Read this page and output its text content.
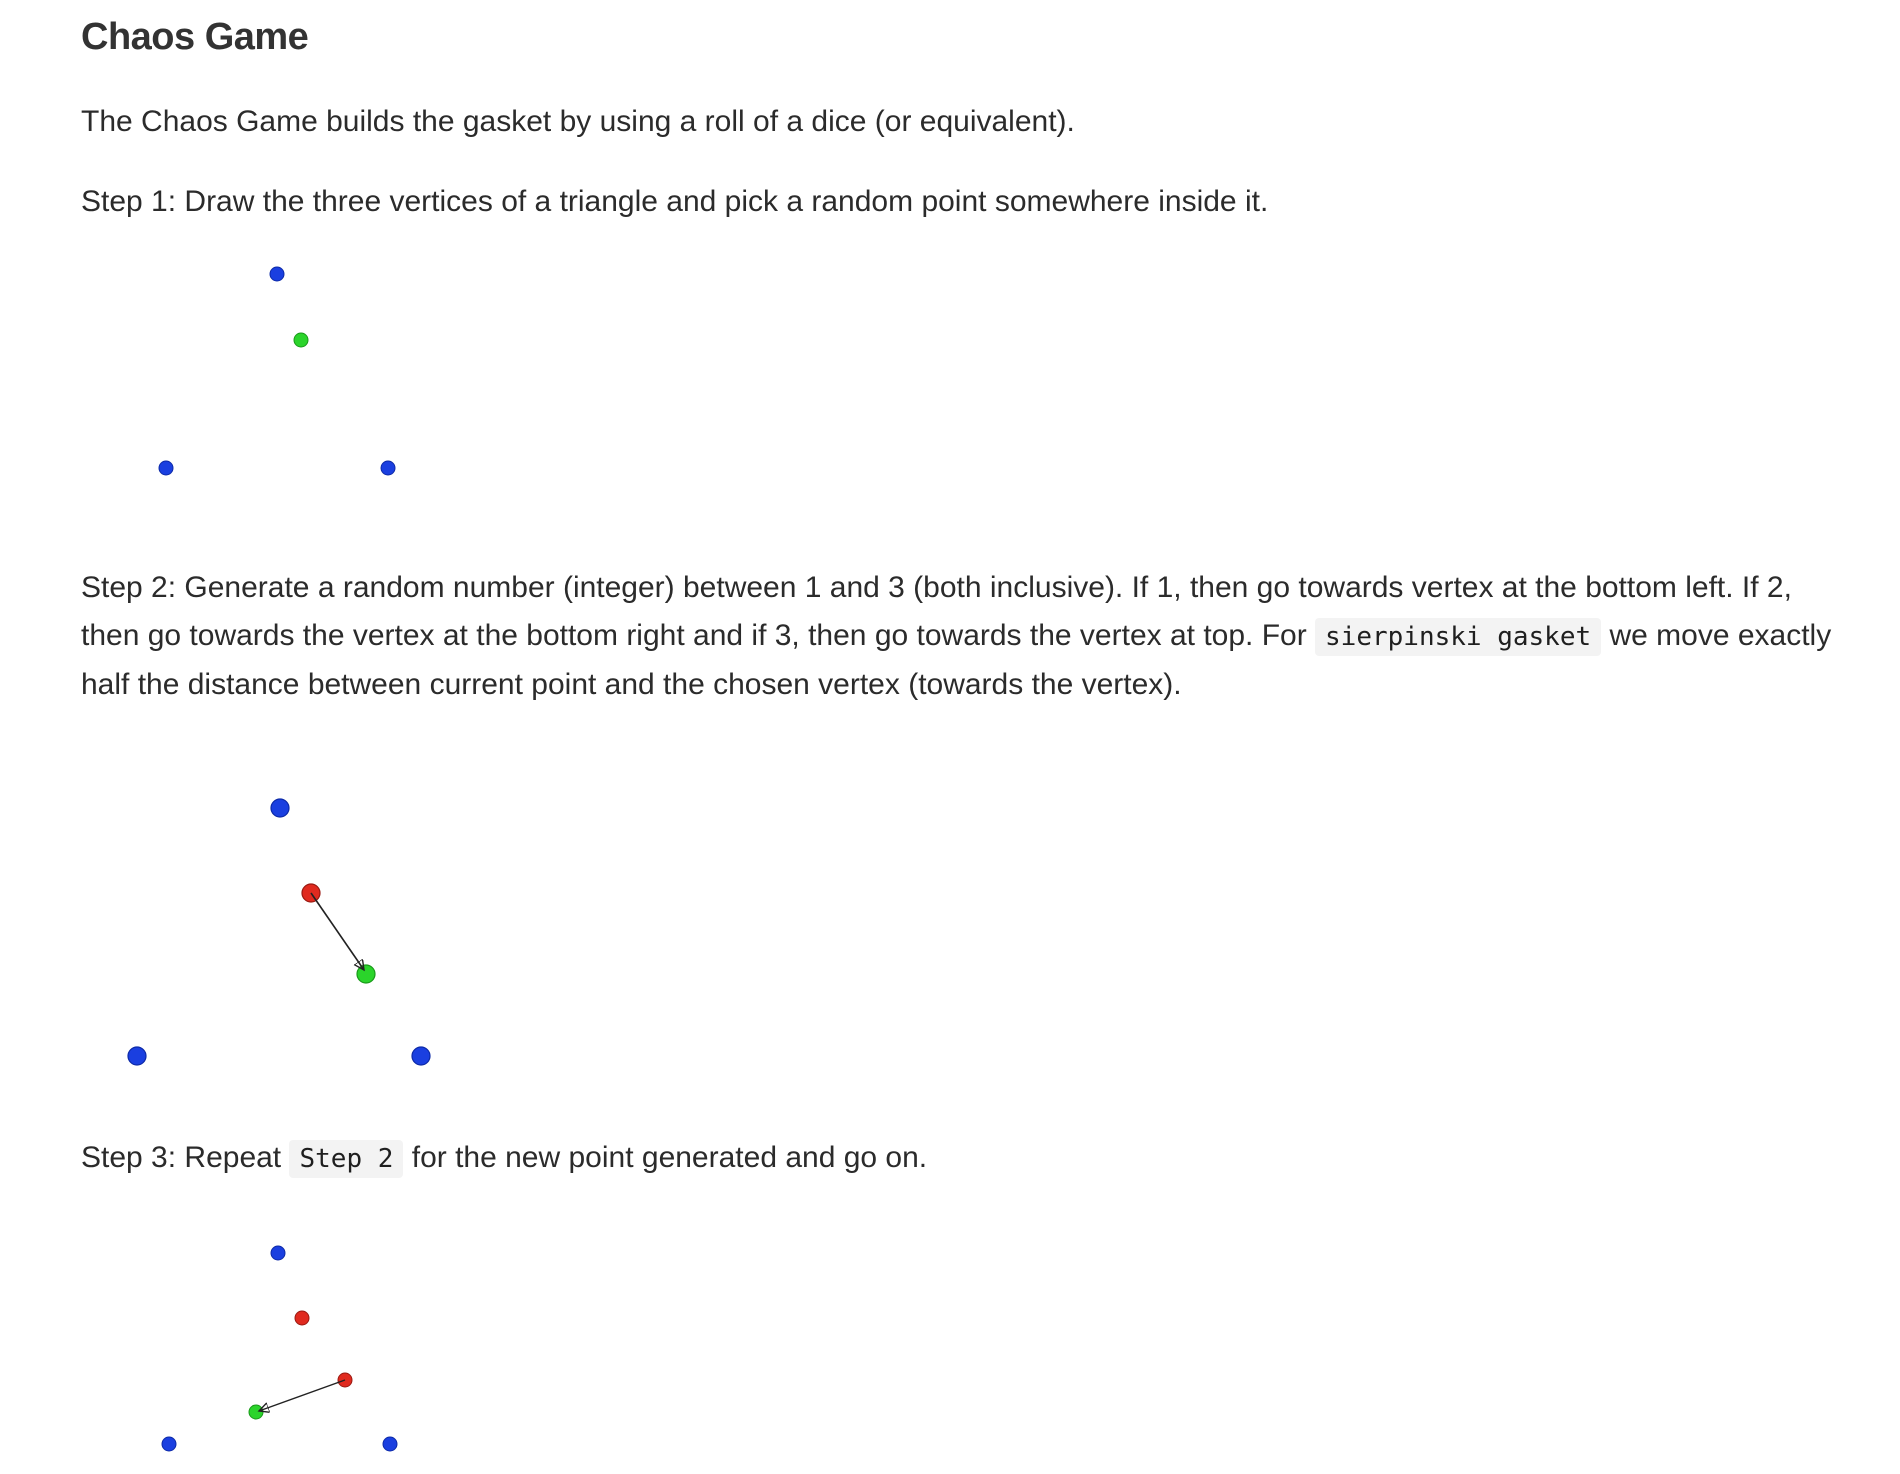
Chaos Game

The Chaos Game builds the gasket by using a roll of a dice (or equivalent).

Step 1: Draw the three vertices of a triangle and pick a random point somewhere inside it.

Step 2: Generate a random number (integer) between 1 and 3 (both inclusive). If 1, then go towards vertex at the bottom left. If 2, then go towards the vertex at the bottom right and if 3, then go towards the vertex at top. For sierpinski gasket we move exactly half the distance between current point and the chosen vertex (towards the vertex).

Step 3: Repeat Step 2 for the new point generated and go on.
